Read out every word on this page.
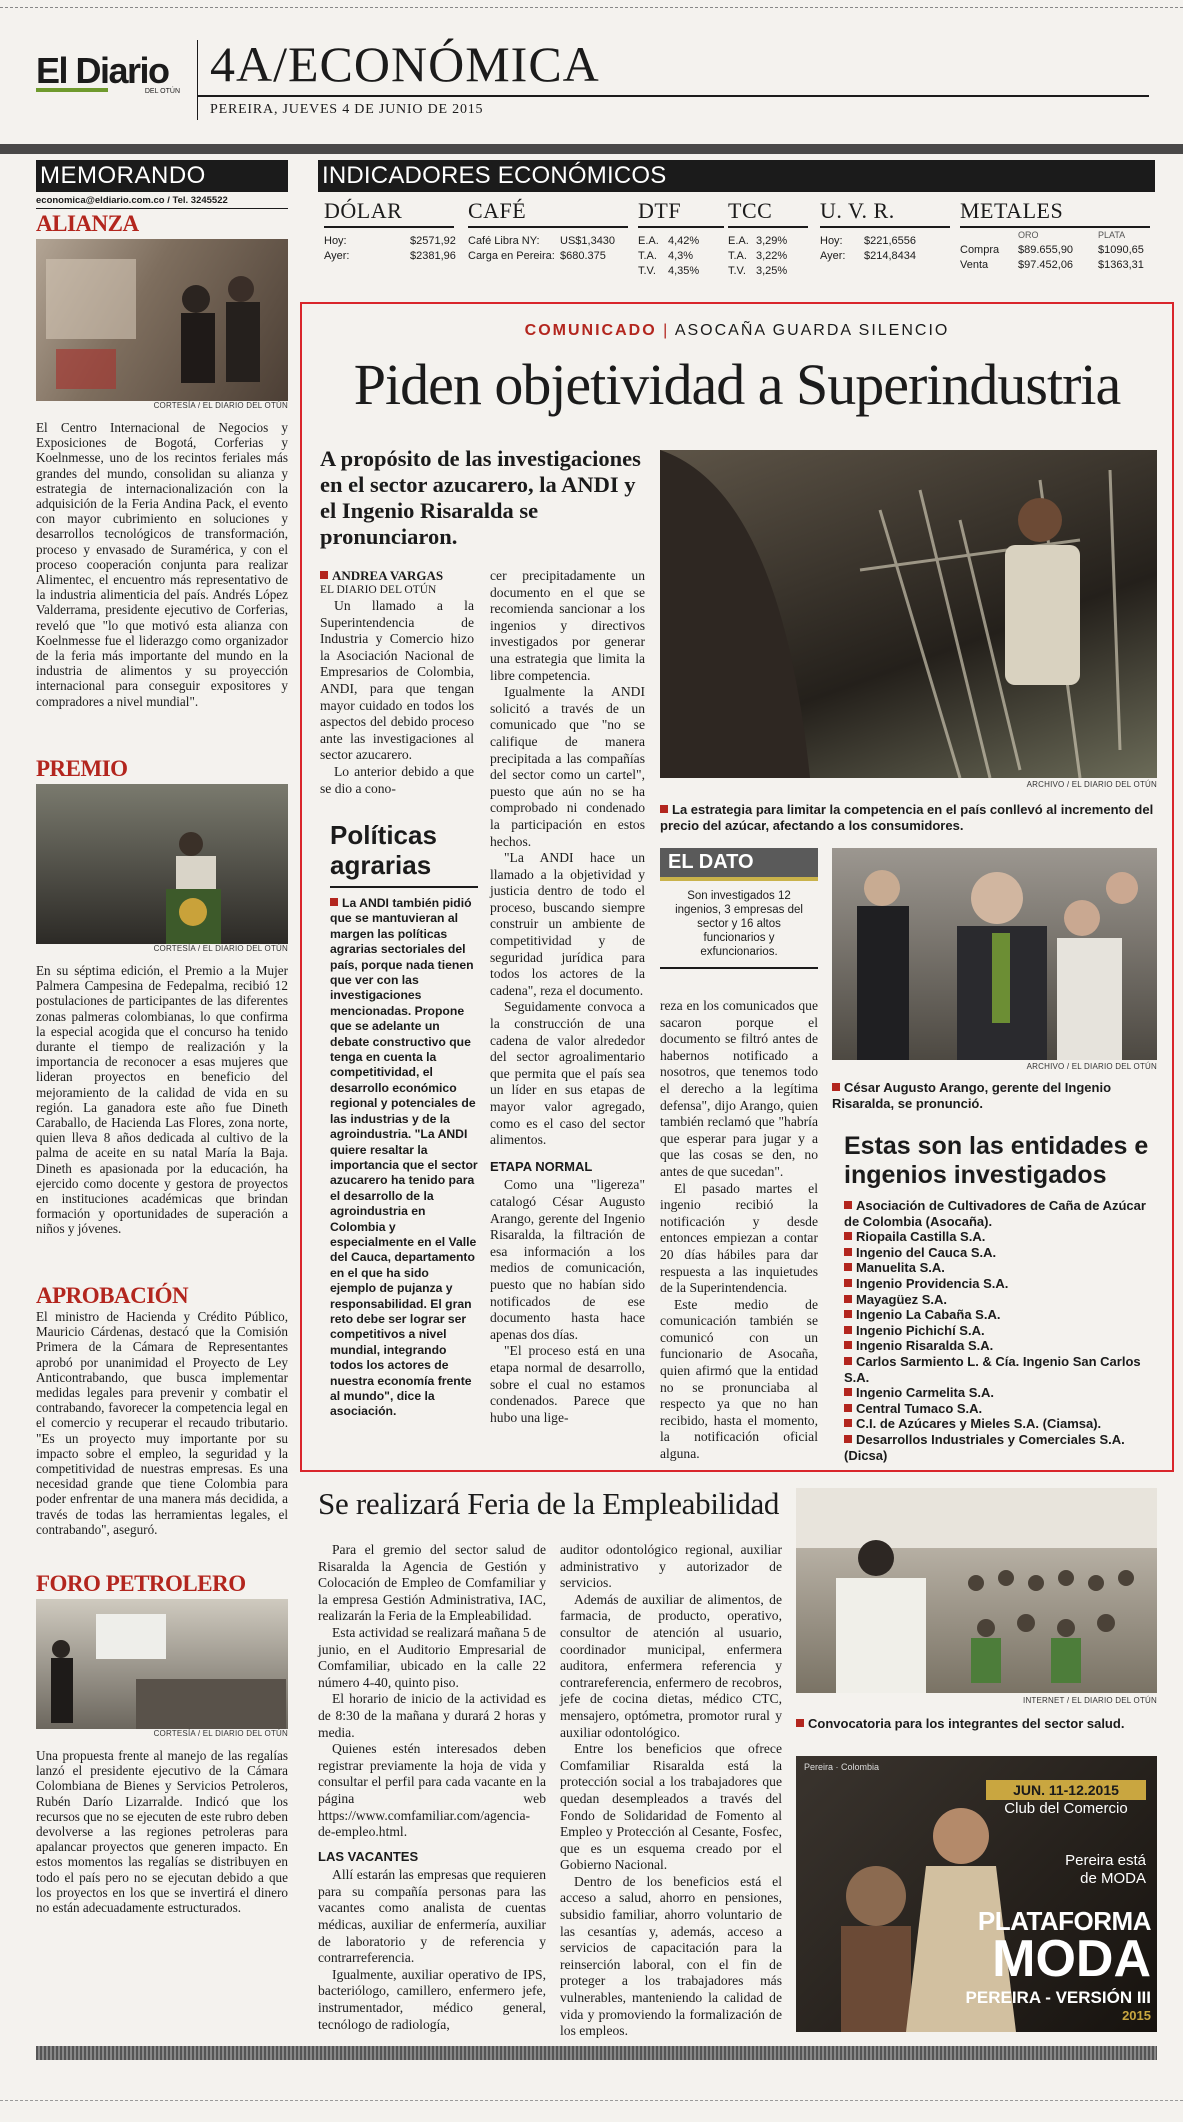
El Diario
DEL OTÚN 4A/ECONÓMICA
PEREIRA, JUEVES 4 DE JUNIO DE 2015
MEMORANDO
economica@eldiario.com.co / Tel. 3245522
ALIANZA
CORTESÍA / EL DIARIO DEL OTÚN
El Centro Internacional de Negocios y Exposiciones de Bogotá, Corferias y Koelnmesse, uno de los recintos feriales más grandes del mundo, consolidan su alianza y estrategia de internacionalización con la adquisición de la Feria Andina Pack, el evento con mayor cubrimiento en soluciones y desarrollos tecnológicos de transformación, proceso y envasado de Suramérica, y con el proceso cooperación conjunta para realizar Alimentec, el encuentro más representativo de la industria alimenticia del país. Andrés López Valderrama, presidente ejecutivo de Corferias, reveló que "lo que motivó esta alianza con Koelnmesse fue el liderazgo como organizador de la feria más importante del mundo en la industria de alimentos y su proyección internacional para conseguir expositores y compradores a nivel mundial".
PREMIO
CORTESÍA / EL DIARIO DEL OTÚN
En su séptima edición, el Premio a la Mujer Palmera Campesina de Fedepalma, recibió 12 postulaciones de participantes de las diferentes zonas palmeras colombianas, lo que confirma la especial acogida que el concurso ha tenido durante el tiempo de realización y la importancia de reconocer a esas mujeres que lideran proyectos en beneficio del mejoramiento de la calidad de vida en su región. La ganadora este año fue Dineth Caraballo, de Hacienda Las Flores, zona norte, quien lleva 8 años dedicada al cultivo de la palma de aceite en su natal María la Baja. Dineth es apasionada por la educación, ha ejercido como docente y gestora de proyectos en instituciones académicas que brindan formación y oportunidades de superación a niños y jóvenes.
APROBACIÓN
El ministro de Hacienda y Crédito Público, Mauricio Cárdenas, destacó que la Comisión Primera de la Cámara de Representantes aprobó por unanimidad el Proyecto de Ley Anticontrabando, que busca implementar medidas legales para prevenir y combatir el contrabando, favorecer la competencia legal en el comercio y recuperar el recaudo tributario. "Es un proyecto muy importante por su impacto sobre el empleo, la seguridad y la competitividad de nuestras empresas. Es una necesidad grande que tiene Colombia para poder enfrentar de una manera más decidida, a través de todas las herramientas legales, el contrabando", aseguró.
FORO PETROLERO
CORTESÍA / EL DIARIO DEL OTÚN
Una propuesta frente al manejo de las regalías lanzó el presidente ejecutivo de la Cámara Colombiana de Bienes y Servicios Petroleros, Rubén Darío Lizarralde. Indicó que los recursos que no se ejecuten de este rubro deben devolverse a las regiones petroleras para apalancar proyectos que generen impacto. En estos momentos las regalías se distribuyen en todo el país pero no se ejecutan debido a que los proyectos en los que se invertirá el dinero no están adecuadamente estructurados.
INDICADORES ECONÓMICOS
DÓLAR
Hoy:	$2571,92
Ayer:	$2381,96
CAFÉ
Café Libra NY: US$1,3430
Carga en Pereira: $680.375
DTF
E.A. 4,42%
T.A. 4,3%
T.V. 4,35%
TCC
E.A. 3,29%
T.A. 3,22%
T.V. 3,25%
U. V. R.
Hoy: $221,6556
Ayer: $214,8434
METALES
ORO	PLATA
Compra $89.655,90 $1090,65
Venta	$97.452,06 $1363,31
COMUNICADO | ASOCAÑA GUARDA SILENCIO
Piden objetividad a Superindustria
A propósito de las investigaciones en el sector azucarero, la ANDI y el Ingenio Risaralda se pronunciaron.
ARCHIVO / EL DIARIO DEL OTÚN
La estrategia para limitar la competencia en el país conllevó al incremento del precio del azúcar, afectando a los consumidores.
ANDREA VARGAS
EL DIARIO DEL OTÚN

Un llamado a la Superintendencia de Industria y Comercio hizo la Asociación Nacional de Empresarios de Colombia, ANDI, para que tengan mayor cuidado en todos los aspectos del debido proceso ante las investigaciones al sector azucarero.

Lo anterior debido a que se dio a cono-

Políticas agrarias
La ANDI también pidió que se mantuvieran al margen las políticas agrarias sectoriales del país, porque nada tienen que ver con las investigaciones mencionadas. Propone que se adelante un debate constructivo que tenga en cuenta la competitividad, el desarrollo económico regional y potenciales de las industrias y de la agroindustria. "La ANDI quiere resaltar la importancia que el sector azucarero ha tenido para el desarrollo de la agroindustria en Colombia y especialmente en el Valle del Cauca, departamento en el que ha sido ejemplo de pujanza y responsabilidad. El gran reto debe ser lograr ser competitivos a nivel mundial, integrando todos los actores de nuestra economía frente al mundo", dice la asociación.

cer precipitadamente un documento en el que se recomienda sancionar a los ingenios y directivos investigados por generar una estrategia que limita la libre competencia.

Igualmente la ANDI solicitó a través de un comunicado que "no se califique de manera precipitada a las compañías del sector como un cartel", puesto que aún no se ha comprobado ni condenado la participación en estos hechos.

"La ANDI hace un llamado a la objetividad y justicia dentro de todo el proceso, buscando siempre construir un ambiente de competitividad y de seguridad jurídica para todos los actores de la cadena", reza el documento.

Seguidamente convoca a la construcción de una cadena de valor alrededor del sector agroalimentario que permita que el país sea un líder en sus etapas de mayor valor agregado, como es el caso del sector alimentos.

ETAPA NORMAL

Como una "ligereza" catalogó César Augusto Arango, gerente del Ingenio Risaralda, la filtración de esa información a los medios de comunicación, puesto que no habían sido notificados de ese documento hasta hace apenas dos días.

"El proceso está en una etapa normal de desarrollo, sobre el cual no estamos condenados. Parece que hubo una lige-

EL DATO
Son investigados 12 ingenios, 3 empresas del sector y 16 altos funcionarios y exfuncionarios.

reza en los comunicados que sacaron porque el documento se filtró antes de habernos notificado a nosotros, que tenemos todo el derecho a la legítima defensa", dijo Arango, quien también reclamó que "habría que esperar para jugar y a que las cosas se den, no antes de que sucedan".

El pasado martes el ingenio recibió la notificación y desde entonces empiezan a contar 20 días hábiles para dar respuesta a las inquietudes de la Superintendencia.

Este medio de comunicación también se comunicó con un funcionario de Asocaña, quien afirmó que la entidad no se pronunciaba al respecto ya que no han recibido, hasta el momento, la notificación oficial alguna.

ARCHIVO / EL DIARIO DEL OTÚN
César Augusto Arango, gerente del Ingenio Risaralda, se pronunció.
Estas son las entidades e ingenios investigados
Asociación de Cultivadores de Caña de Azúcar de Colombia (Asocaña).
Riopaila Castilla S.A.
Ingenio del Cauca S.A.
Manuelita S.A.
Ingenio Providencia S.A.
Mayagüez S.A.
Ingenio La Cabaña S.A.
Ingenio Pichichí S.A.
Ingenio Risaralda S.A.
Carlos Sarmiento L. & Cía. Ingenio San Carlos S.A.
Ingenio Carmelita S.A.
Central Tumaco S.A.
C.I. de Azúcares y Mieles S.A. (Ciamsa).
Desarrollos Industriales y Comerciales S.A. (Dicsa)
Se realizará Feria de la Empleabilidad

Para el gremio del sector salud de Risaralda la Agencia de Gestión y Colocación de Empleo de Comfamiliar y la empresa Gestión Administrativa, IAC, realizarán la Feria de la Empleabilidad.

Esta actividad se realizará mañana 5 de junio, en el Auditorio Empresarial de Comfamiliar, ubicado en la calle 22 número 4-40, quinto piso.

El horario de inicio de la actividad es de 8:30 de la mañana y durará 2 horas y media.

Quienes estén interesados deben registrar previamente la hoja de vida y consultar el perfil para cada vacante en la página web https://www.comfamiliar.com/agencia-de-empleo.html.

LAS VACANTES

Allí estarán las empresas que requieren para su compañía personas para las vacantes como analista de cuentas médicas, auxiliar de enfermería, auxiliar de laboratorio y de referencia y contrarreferencia.

Igualmente, auxiliar operativo de IPS, bacteriólogo, camillero, enfermero jefe, instrumentador, médico general, tecnólogo de radiología,

auditor odontológico regional, auxiliar administrativo y autorizador de servicios.

Además de auxiliar de alimentos, de farmacia, de producto, operativo, consultor de atención al usuario, coordinador municipal, enfermera auditora, enfermera referencia y contrareferencia, enfermero de recobros, jefe de cocina dietas, médico CTC, mensajero, optómetra, promotor rural y auxiliar odontológico.

Entre los beneficios que ofrece Comfamiliar Risaralda está la protección social a los trabajadores que quedan desempleados a través del Fondo de Solidaridad de Fomento al Empleo y Protección al Cesante, Fosfec, que es un esquema creado por el Gobierno Nacional.

Dentro de los beneficios está el acceso a salud, ahorro en pensiones, subsidio familiar, ahorro voluntario de las cesantías y, además, acceso a servicios de capacitación para la reinserción laboral, con el fin de proteger a los trabajadores más vulnerables, manteniendo la calidad de vida y promoviendo la formalización de los empleos.

INTERNET / EL DIARIO DEL OTÚN
Convocatoria para los integrantes del sector salud.
Pereira · Colombia
JUN. 11-12.2015
Club del Comercio
Pereira está
de MODA
PLATAFORMA
MODA
PEREIRA - VERSIÓN III
2015
